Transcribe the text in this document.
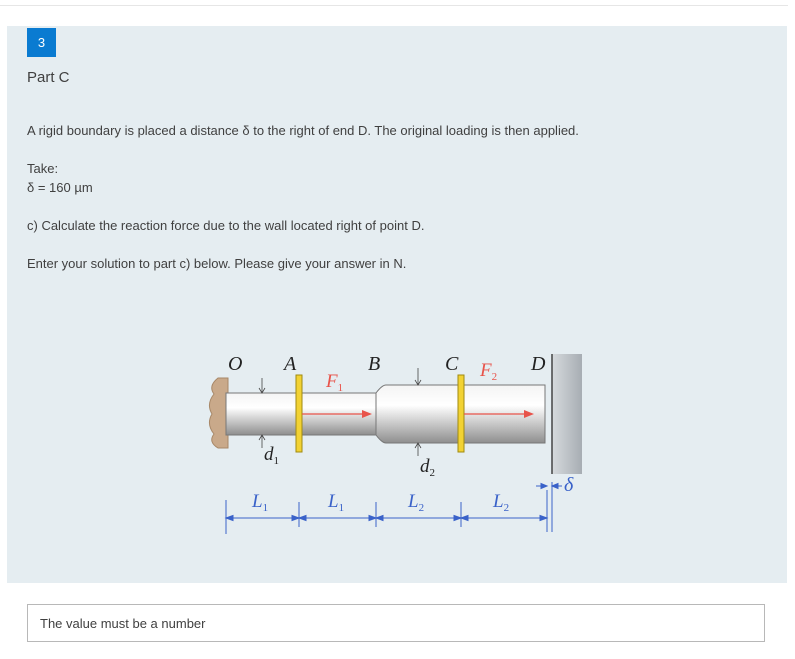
3
Part C
A rigid boundary is placed a distance δ to the right of end D. The original loading is then applied.
Take:
δ = 160 µm
c) Calculate the reaction force due to the wall located right of point D.
Enter your solution to part c) below. Please give your answer in N.
O A	B	C	D
$F_1$
$F_2$
$d_1$	$d_2$
$L_1$	$L_1$	$L_2$	$L_2$
δ
The value must be a number
